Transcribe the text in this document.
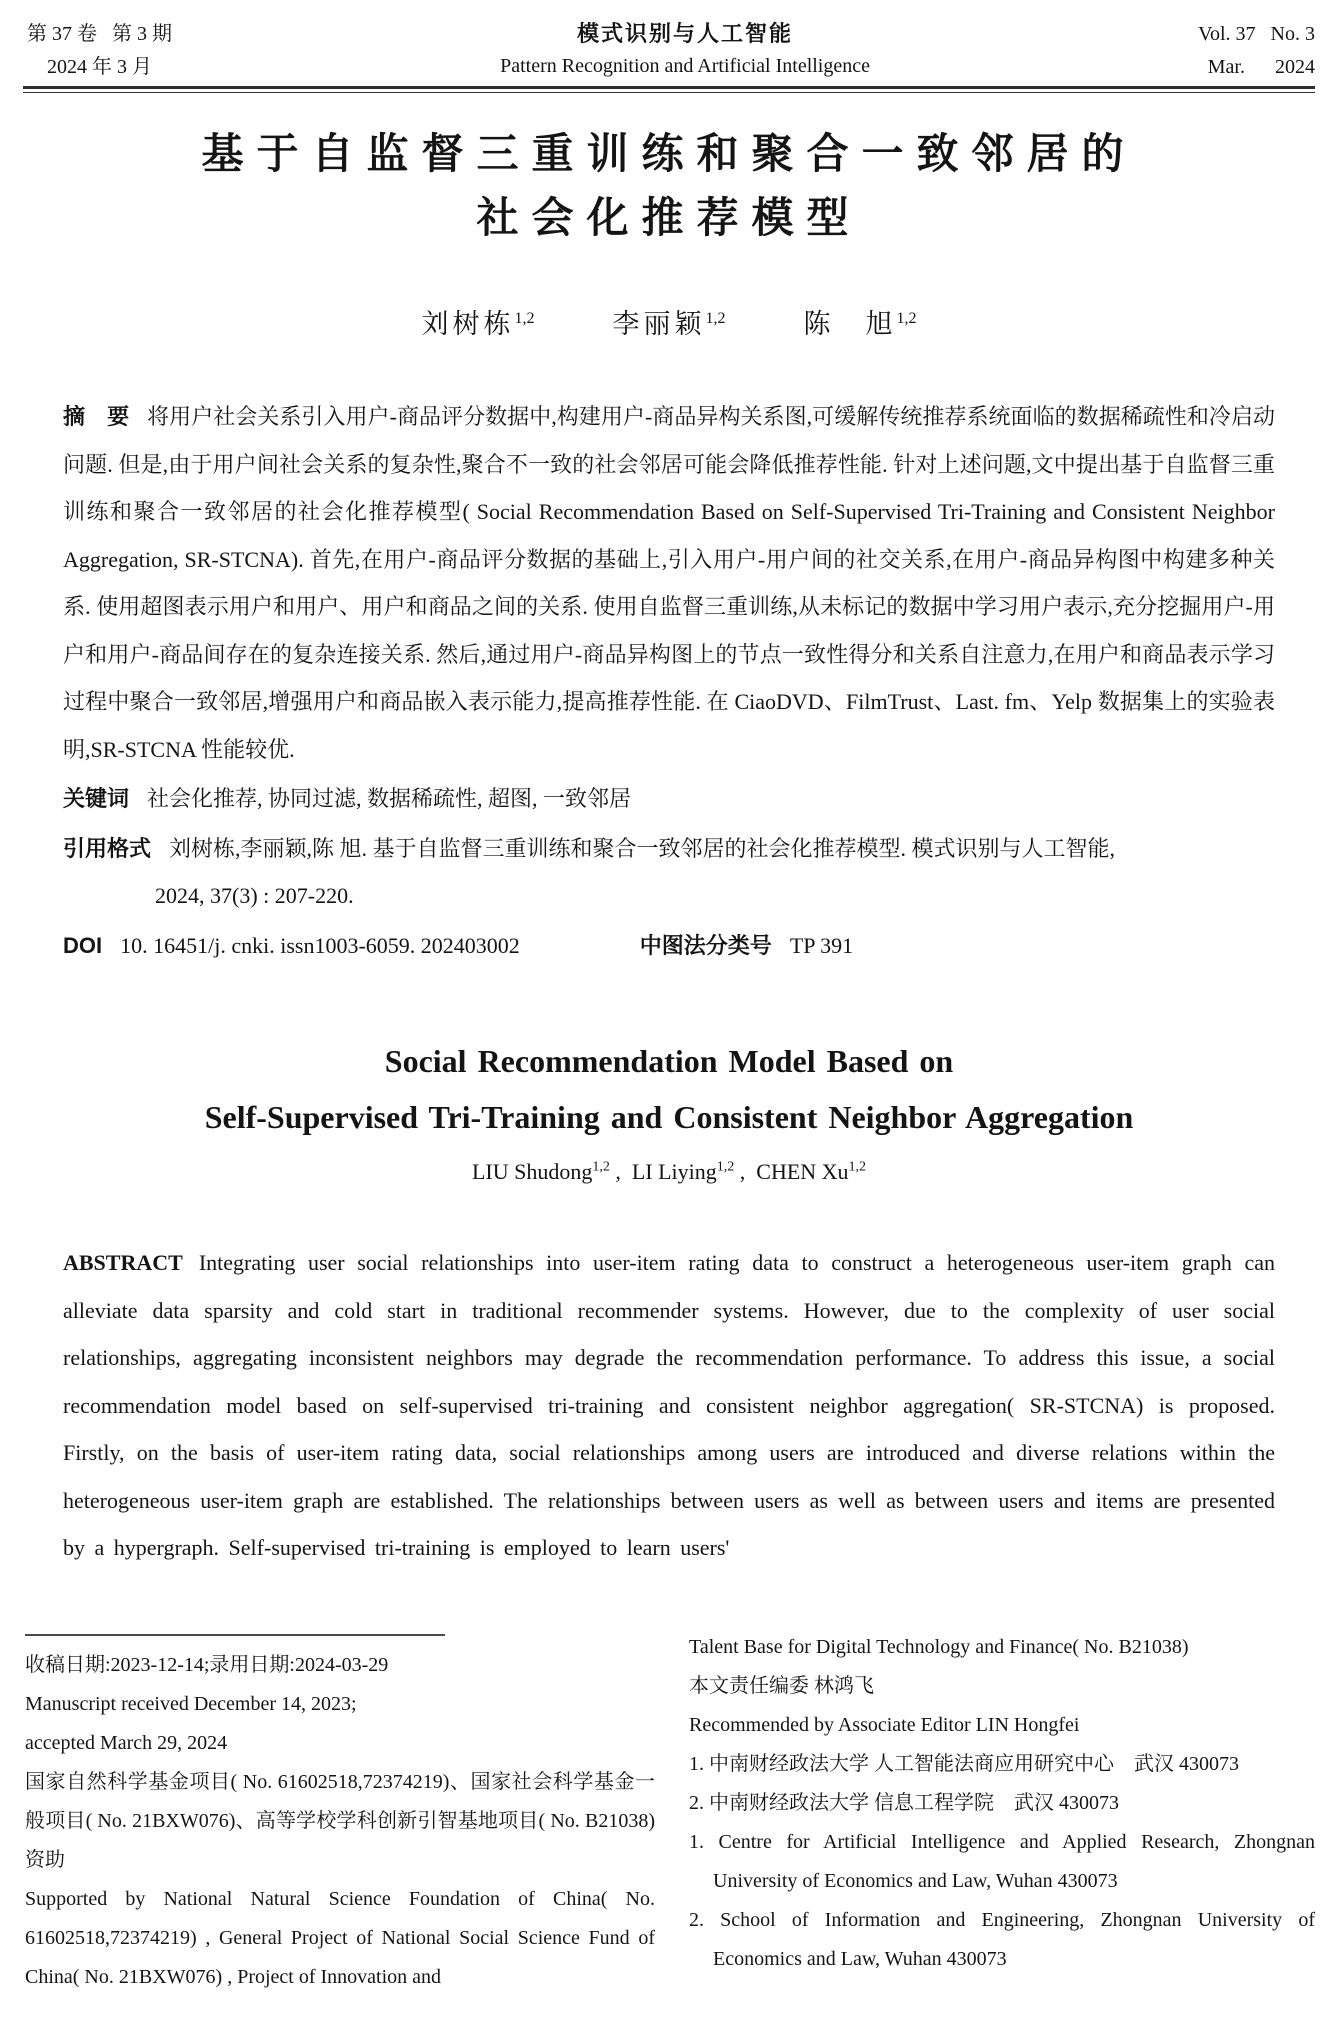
第 37 卷   第 3 期
2024 年 3 月
模式识别与人工智能
Pattern Recognition and Artificial Intelligence
Vol. 37   No. 3
Mar.      2024
基于自监督三重训练和聚合一致邻居的
社会化推荐模型
刘树栋$^{1,2}$	李丽颖$^{1,2}$	陈　旭$^{1,2}$

摘　要 将用户社会关系引入用户-商品评分数据中,构建用户-商品异构关系图,可缓解传统推荐系统面临的数据稀疏性和冷启动问题. 但是,由于用户间社会关系的复杂性,聚合不一致的社会邻居可能会降低推荐性能. 针对上述问题,文中提出基于自监督三重训练和聚合一致邻居的社会化推荐模型( Social Recommendation Based on Self-Supervised Tri-Training and Consistent Neighbor Aggregation, SR-STCNA). 首先,在用户-商品评分数据的基础上,引入用户-用户间的社交关系,在用户-商品异构图中构建多种关系. 使用超图表示用户和用户、用户和商品之间的关系. 使用自监督三重训练,从未标记的数据中学习用户表示,充分挖掘用户-用户和用户-商品间存在的复杂连接关系. 然后,通过用户-商品异构图上的节点一致性得分和关系自注意力,在用户和商品表示学习过程中聚合一致邻居,增强用户和商品嵌入表示能力,提高推荐性能. 在 CiaoDVD、FilmTrust、Last. fm、Yelp 数据集上的实验表明,SR-STCNA 性能较优.

关键词 社会化推荐, 协同过滤, 数据稀疏性, 超图, 一致邻居

引用格式 刘树栋,李丽颖,陈 旭. 基于自监督三重训练和聚合一致邻居的社会化推荐模型. 模式识别与人工智能,

2024, 37(3) : 207-220.

DOI 10. 16451/j. cnki. issn1003-6059. 202403002	中图法分类号 TP 391

Social Recommendation Model Based on
Self-Supervised Tri-Training and Consistent Neighbor Aggregation
LIU Shudong$^{1,2}$ ,  LI Liying$^{1,2}$ ,  CHEN Xu$^{1,2}$

ABSTRACT Integrating user social relationships into user-item rating data to construct a heterogeneous user-item graph can alleviate data sparsity and cold start in traditional recommender systems. However, due to the complexity of user social relationships, aggregating inconsistent neighbors may degrade the recommendation performance. To address this issue, a social recommendation model based on self-supervised tri-training and consistent neighbor aggregation( SR-STCNA) is proposed. Firstly, on the basis of user-item rating data, social relationships among users are introduced and diverse relations within the heterogeneous user-item graph are established. The relationships between users as well as between users and items are presented by a hypergraph. Self-supervised tri-training is employed to learn users'

收稿日期:2023-12-14;录用日期:2024-03-29

Manuscript received December 14, 2023;

accepted March 29, 2024

国家自然科学基金项目( No. 61602518,72374219)、国家社会科学基金一般项目( No. 21BXW076)、高等学校学科创新引智基地项目( No. B21038)资助

Supported by National Natural Science Foundation of China( No. 61602518,72374219) , General Project of National Social Science Fund of China( No. 21BXW076) , Project of Innovation and

Talent Base for Digital Technology and Finance( No. B21038)

本文责任编委 林鸿飞

Recommended by Associate Editor LIN Hongfei

1. 中南财经政法大学 人工智能法商应用研究中心　武汉 430073

2. 中南财经政法大学 信息工程学院　武汉 430073

1. Centre for Artificial Intelligence and Applied Research, Zhongnan University of Economics and Law, Wuhan 430073

2. School of Information and Engineering, Zhongnan University of Economics and Law, Wuhan 430073
